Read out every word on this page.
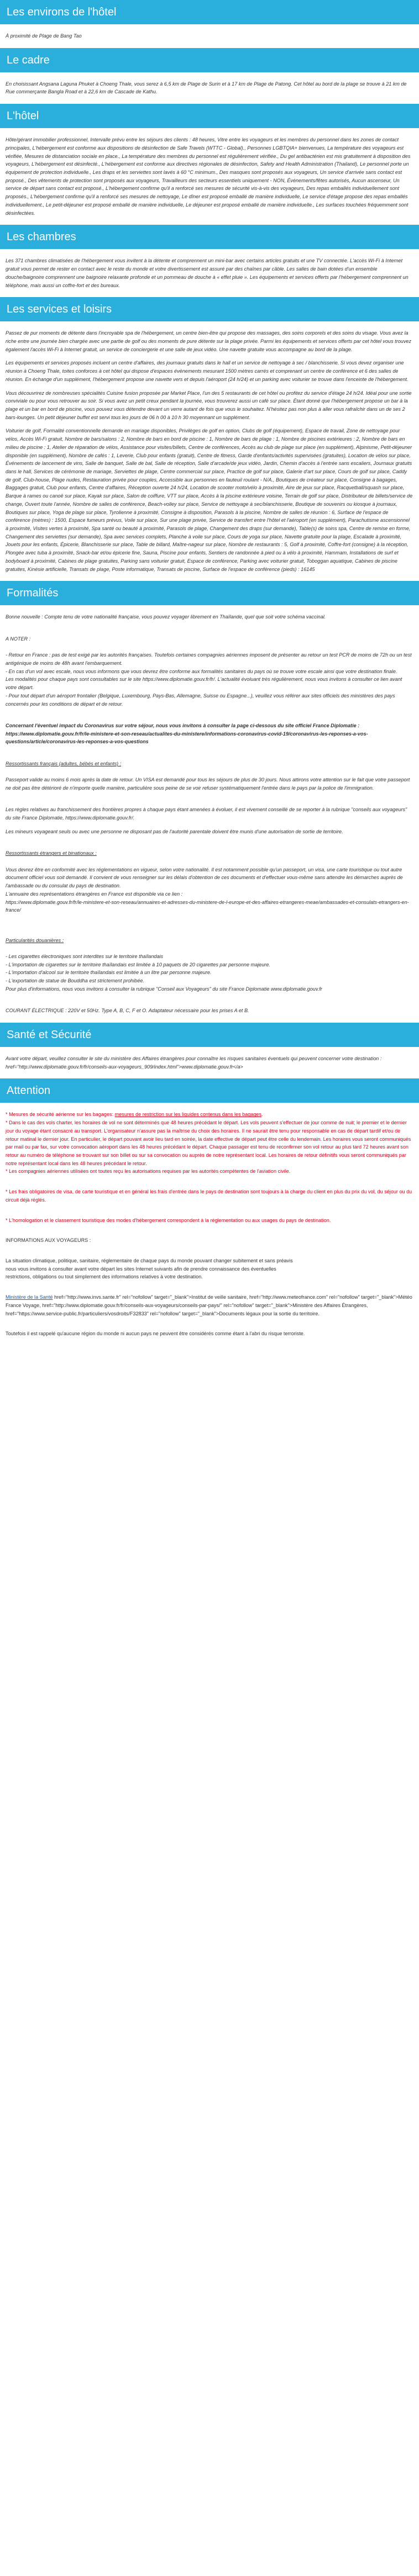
Les environs de l'hôtel
À proximité de Plage de Bang Tao
Le cadre
En choisissant Angsana Laguna Phuket à Choeng Thale, vous serez à 6,5 km de Plage de Surin et à 17 km de Plage de Patong. Cet hôtel au bord de la plage se trouve à 21 km de Rue commerçante Bangla Road et à 22,6 km de Cascade de Kathu.
L'hôtel
Hôte/gérant immobilier professionnel, Intervalle prévu entre les séjours des clients : 48 heures, Vitre entre les voyageurs et les membres du personnel dans les zones de contact principales, L'hébergement est conforme aux dispositions de désinfection de Safe Travels (WTTC - Global)., Personnes LGBTQIA+ bienvenues, La température des voyageurs est vérifiée, Mesures de distanciation sociale en place., La température des membres du personnel est régulièrement vérifiée., Du gel antibactérien est mis gratuitement à disposition des voyageurs, L'hébergement est désinfecté., L'hébergement est conforme aux directives régionales de désinfection, Safety and Health Administration (Thailand), Le personnel porte un équipement de protection individuelle., Les draps et les serviettes sont lavés à 60 °C minimum., Des masques sont proposés aux voyageurs, Un service d'arrivée sans contact est proposé., Des vêtements de protection sont proposés aux voyageurs, Travailleurs des secteurs essentiels uniquement - NON, Événements/fêtes autorisés, Aucun ascenseur, Un service de départ sans contact est proposé., L'hébergement confirme qu'il a renforcé ses mesures de sécurité vis-à-vis des voyageurs, Des repas emballés individuellement sont proposés., L'hébergement confirme qu'il a renforcé ses mesures de nettoyage, Le dîner est proposé emballé de manière individuelle, Le service d'étage propose des repas emballés individuellement., Le petit-déjeuner est proposé emballé de manière individuelle, Le déjeuner est proposé emballé de manière individuelle., Les surfaces touchées fréquemment sont désinfectées.
Les chambres
Les 371 chambres climatisées de l'hébergement vous invitent à la détente et comprennent un mini-bar avec certains articles gratuits et une TV connectée. L'accès Wi-Fi à Internet gratuit vous permet de rester en contact avec le reste du monde et votre divertissement est assuré par des chaînes par câble. Les salles de bain dotées d'un ensemble douche/baignoire comprennent une baignoire relaxante profonde et un pommeau de douche à « effet pluie ». Les équipements et services offerts par l'hébergement comprennent un téléphone, mais aussi un coffre-fort et des bureaux.
Les services et loisirs
Passez de pur moments de détente dans l'incroyable spa de l'hébergement, un centre bien-être qui propose des massages, des soins corporels et des soins du visage. Vous avez la riche entre une journée bien chargée avec une partie de golf ou des moments de pure détente sur la plage privée. Parmi les équipements et services offerts par cet hôtel vous trouvez également l'accès Wi-Fi à Internet gratuit, un service de conciergerie et une salle de jeux vidéo. Une navette gratuite vous accompagne au bord de la plage.
Les équipements et services proposés incluent un centre d'affaires, des journaux gratuits dans le hall et un service de nettoyage à sec / blanchisserie. Si vous devez organiser une réunion à Choeng Thale, toites conforces à cet hôtel qui dispose d'espaces événements mesurant 1500 mètres carrés et comprenant un centre de conférence et 6 des salles de réunion. En échange d'un supplément, l'hébergement propose une navette vers et depuis l'aéroport (24 h/24) et un parking avec voiturier se trouve dans l'enceinte de l'hébergement.
Vous découvrirez de nombreuses spécialités Cuisine fusion proposée par Market Place, l'un des 5 restaurants de cet hôtel ou profitez du service d'étage 24 h/24. Idéal pour une sortie conviviale ou pour vous retrouver au soir. Si vous avez un petit creux pendant la journée, vous trouverez aussi un café sur place. Étant donné que l'hébergement propose un bar à la plage et un bar en bord de piscine, vous pouvez vous détendre devant un verre autant de fois que vous le souhaitez. N'hésitez pas non plus à aller vous rafraîchir dans un de ses 2 bars-lounges. Un petit déjeuner buffet est servi tous les jours de 06 h 00 à 10 h 30 moyennant un supplément.
Voiturier de golf, Formalité conventionnelle demande en mariage disponibles, Privilèges de golf en option, Clubs de golf (équipement), Espace de travail, Zone de nettoyage pour vélos, Accès Wi-Fi gratuit, Nombre de bars/salons : 2, Nombre de bars en bord de piscine : 1, Nombre de bars de plage : 1, Nombre de piscines extérieures : 2, Nombre de bars en milieu de piscine : 1, Atelier de réparation de vélos, Assistance pour visites/billets, Centre de conférences, Accès au club de plage sur place (en supplément), Alpinisme, Petit-déjeuner disponible (en supplément), Nombre de cafés : 1, Leverie, Club pour enfants (gratuit), Centre de fitness, Garde d'enfants/activités supervisées (gratuites), Location de vélos sur place, Événements de lancement de vins, Salle de banquet, Salle de bal, Salle de réception, Salle d'arcade/de jeux vidéo, Jardin, Chemin d'accès à l'entrée sans escaliers, Journaux gratuits dans le hall, Services de cérémonie de mariage, Serviettes de plage, Centre commercial sur place, Practice de golf sur place, Galerie d'art sur place, Cours de golf sur place, Caddy de golf, Club-house, Plage nudes, Restauration privée pour couples, Accessible aux personnes en fauteuil roulant - N/A., Boutiques de créateur sur place, Consigne à bagages, Baggages gratuit, Club pour enfants, Centre d'affaires, Réception ouverte 24 h/24, Location de scooter moto/vélo à proximité, Aire de jeux sur place, Racquetball/squash sur place, Barque à rames ou canoë sur place, Kayak sur place, Salon de coiffure, VTT sur place, Accès à la piscine extérieure voisine, Terrain de golf sur place, Distributeur de billets/service de change, Ouvert toute l'année, Nombre de salles de conférence, Beach-volley sur place, Service de nettoyage à sec/blanchisserie, Boutique de souvenirs ou kiosque à journaux, Boutiques sur place, Yoga de plage sur place, Tyrolienne à proximité, Consigne à disposition, Parasols à la piscine, Nombre de salles de réunion : 6, Surface de l'espace de conférence (mètres) : 1500, Espace fumeurs prévus, Voile sur place, Sur une plage privée, Service de transfert entre l'hôtel et l'aéroport (en supplément), Parachutisme ascensionnel à proximité, Visites vertes à proximité, Spa santé ou beauté à proximité, Parasols de plage, Changement des draps (sur demande), Table(s) de soins spa, Centre de remise en forme, Changement des serviettes (sur demande), Spa avec services complets, Planche à voile sur place, Cours de yoga sur place, Navette gratuite pour la plage, Escalade à proximité, Jouets pour les enfants, Épicerie, Blanchisserie sur place, Table de billard, Maître-nageur sur place, Nombre de restaurants : 5, Golf à proximité, Coffre-fort (consigne) à la réception, Plongée avec tuba à proximité, Snack-bar et/ou épicerie fine, Sauna, Piscine pour enfants, Sentiers de randonnée à pied ou à vélo à proximité, Hammam, Installations de surf et bodyboard à proximité, Cabines de plage gratuites, Parking sans voiturier gratuit, Espace de conférence, Parking avec voiturier gratuit, Toboggan aquatique, Cabines de piscine gratuites, Kinésie artificielle, Transats de plage, Poste informatique, Transats de piscine, Surface de l'espace de conférence (pieds) : 16145
Formalités
Bonne nouvelle : Compte tenu de votre nationalité française, vous pouvez voyager librement en Thaïlande, quel que soit votre schéma vaccinal.

A NOTER :

- Retour en France : pas de test exigé par les autorités françaises. Toutefois certaines compagnies aériennes imposent de présenter au retour un test PCR de moins de 72h ou un test antigénique de moins de 48h avant l'embarquement.
- En cas d'un vol avec escale, nous vous informons que vous devrez être conforme aux formalités sanitaires du pays où se trouve votre escale ainsi que votre destination finale.
Les modalités pour chaque pays sont consultables sur le site https://www.diplomatie.gouv.fr/fr/. L'actualité évoluant très régulièrement, nous vous invitons à consulter ce lien avant votre départ.
- Pour tout départ d'un aéroport frontalier (Belgique, Luxembourg, Pays-Bas, Allemagne, Suisse ou Espagne...), veuillez vous référer aux sites officiels des ministères des pays concernés pour les conditions de départ et de retour.

Concernant l'éventuel impact du Coronavirus sur votre séjour, nous vous invitons à consulter la page ci-dessous du site officiel France Diplomatie : https://www.diplomatie.gouv.fr/fr/le-ministere-et-son-reseau/actualites-du-ministere/informations-coronavirus-covid-19/coronavirus-les-reponses-a-vos-questions/article/coronavirus-les-reponses-a-vos-questions

Ressortissants français (adultes, bébés et enfants) :

Passeport valide au moins 6 mois après la date de retour. Un VISA est demandé pour tous les séjours de plus de 30 jours. Nous attirons votre attention sur le fait que votre passeport ne doit pas être détérioré de n'importe quelle manière, particulière sous peine de se voir refuser systématiquement l'entrée dans le pays par la police de l'immigration.

Les règles relatives au franchissement des frontières propres à chaque pays étant amenées à évoluer, il est vivement conseillé de se reporter à la rubrique "conseils aux voyageurs" du site France Diplomatie, https://www.diplomatie.gouv.fr/.
Les mineurs voyageant seuls ou avec une personne ne disposant pas de l'autorité parentale doivent être munis d'une autorisation de sortie de territoire.

Ressortissants étrangers et binationaux :

Vous devrez être en conformité avec les réglementations en vigueur, selon votre nationalité. Il est notamment possible qu'un passeport, un visa, une carte touristique ou tout autre document officiel vous soit demandé. Il convient de vous renseigner sur les délais d'obtention de ces documents et d'effectuer vous-même sans attendre les démarches auprès de l'ambassade ou du consulat du pays de destination.
L'annuaire des représentations étrangères en France est disponible via ce lien :
https://www.diplomatie.gouv.fr/fr/le-ministere-et-son-reseau/annuaires-et-adresses-du-ministere-de-l-europe-et-des-affaires-etrangeres-meae/ambassades-et-consulats-etrangers-en-france/

Particularités douanières :

- Les cigarettes électroniques sont interdites sur le territoire thaïlandais
- L'importation de cigarettes sur le territoire thaïlandais est limitée à 10 paquets de 20 cigarettes par personne majeure.
- L'importation d'alcool sur le territoire thaïlandais est limitée à un litre par personne majeure.
- L'exportation de statue de Bouddha est strictement prohibée.
Pour plus d'informations, nous vous invitons à consulter la rubrique "Conseil aux Voyageurs" du site France Diplomatie www.diplomatie.gouv.fr

COURANT ÉLECTRIQUE : 220V et 50Hz. Type A, B, C, F et O. Adaptateur nécessaire pour les prises A et B.
Santé et Sécurité
Avant votre départ, veuillez consulter le site du ministère des Affaires étrangères pour connaître les risques sanitaires éventuels qui peuvent concerner votre destination : href="http://www.diplomatie.gouv.fr/fr/conseils-aux-voyageurs_909/index.html">www.diplomatie.gouv.fr</a>
Attention
* Mesures de sécurité aérienne sur les bagages: mesures de restriction sur les liquides contenus dans les bagages.
* Dans le cas des vols charter, les horaires de vol ne sont déterminés que 48 heures précédant le départ. Les vols peuvent s'effectuer de jour comme de nuit; le premier et le dernier jour du voyage étant consacré au transport. L'organisateur n'assure pas la maîtrise du choix des horaires. Il ne saurait être tenu pour responsable en cas de départ tardif et/ou de retour matinal le dernier jour. En particulier, le départ pouvant avoir lieu tard en soirée, la date effective de départ peut être celle du lendemain. Les horaires vous seront communiqués par mail ou par fax, sur votre convocation aéroport dans les 48 heures précédant le départ. Chaque passager est tenu de reconfirmer son vol retour au plus tard 72 heures avant son retour au numéro de téléphone se trouvant sur son billet ou sur sa convocation ou auprès de notre représentant local. Les horaires de retour définitifs vous seront communiqués par notre représentant local dans les 48 heures précédant le retour.
* Les compagnies aériennes utilisées ont toutes reçu les autorisations requises par les autorités compétentes de l'aviation civile.
* Les frais obligatoires de visa, de carte touristique et en général les frais d'entrée dans le pays de destination sont toujours à la charge du client en plus du prix du vol, du séjour ou du circuit déjà réglés.
* L'homologation et le classement touristique des modes d'hébergement correspondent à la réglementation ou aux usages du pays de destination.
INFORMATIONS AUX VOYAGEURS :
La situation climatique, politique, sanitaire, réglementaire de chaque pays du monde pouvant changer subitement et sans préavis
nous vous invitons à consulter avant votre départ les sites Internet suivants afin de prendre connaissance des éventuelles
restrictions, obligations ou tout simplement des informations relatives à votre destination.
Ministère de la Santé href="http://www.invs.sante.fr" rel="nofollow" target="_blank">Institut de veille sanitaire, href="http://www.meteofrance.com" rel="nofollow" target="_blank">Météo France Voyage, href="http://www.diplomatie.gouv.fr/fr/conseils-aux-voyageurs/conseils-par-pays/" rel="nofollow" target="_blank">Ministère des Affaires Étrangères, href="https://www.service-public.fr/particuliers/vosdroits/F32833" rel="nofollow" target="_blank">Documents légaux pour la sortie du territoire.
Toutefois il est rappelé qu'aucune région du monde ni aucun pays ne peuvent être considérés comme étant à l'abri du risque terroriste.
